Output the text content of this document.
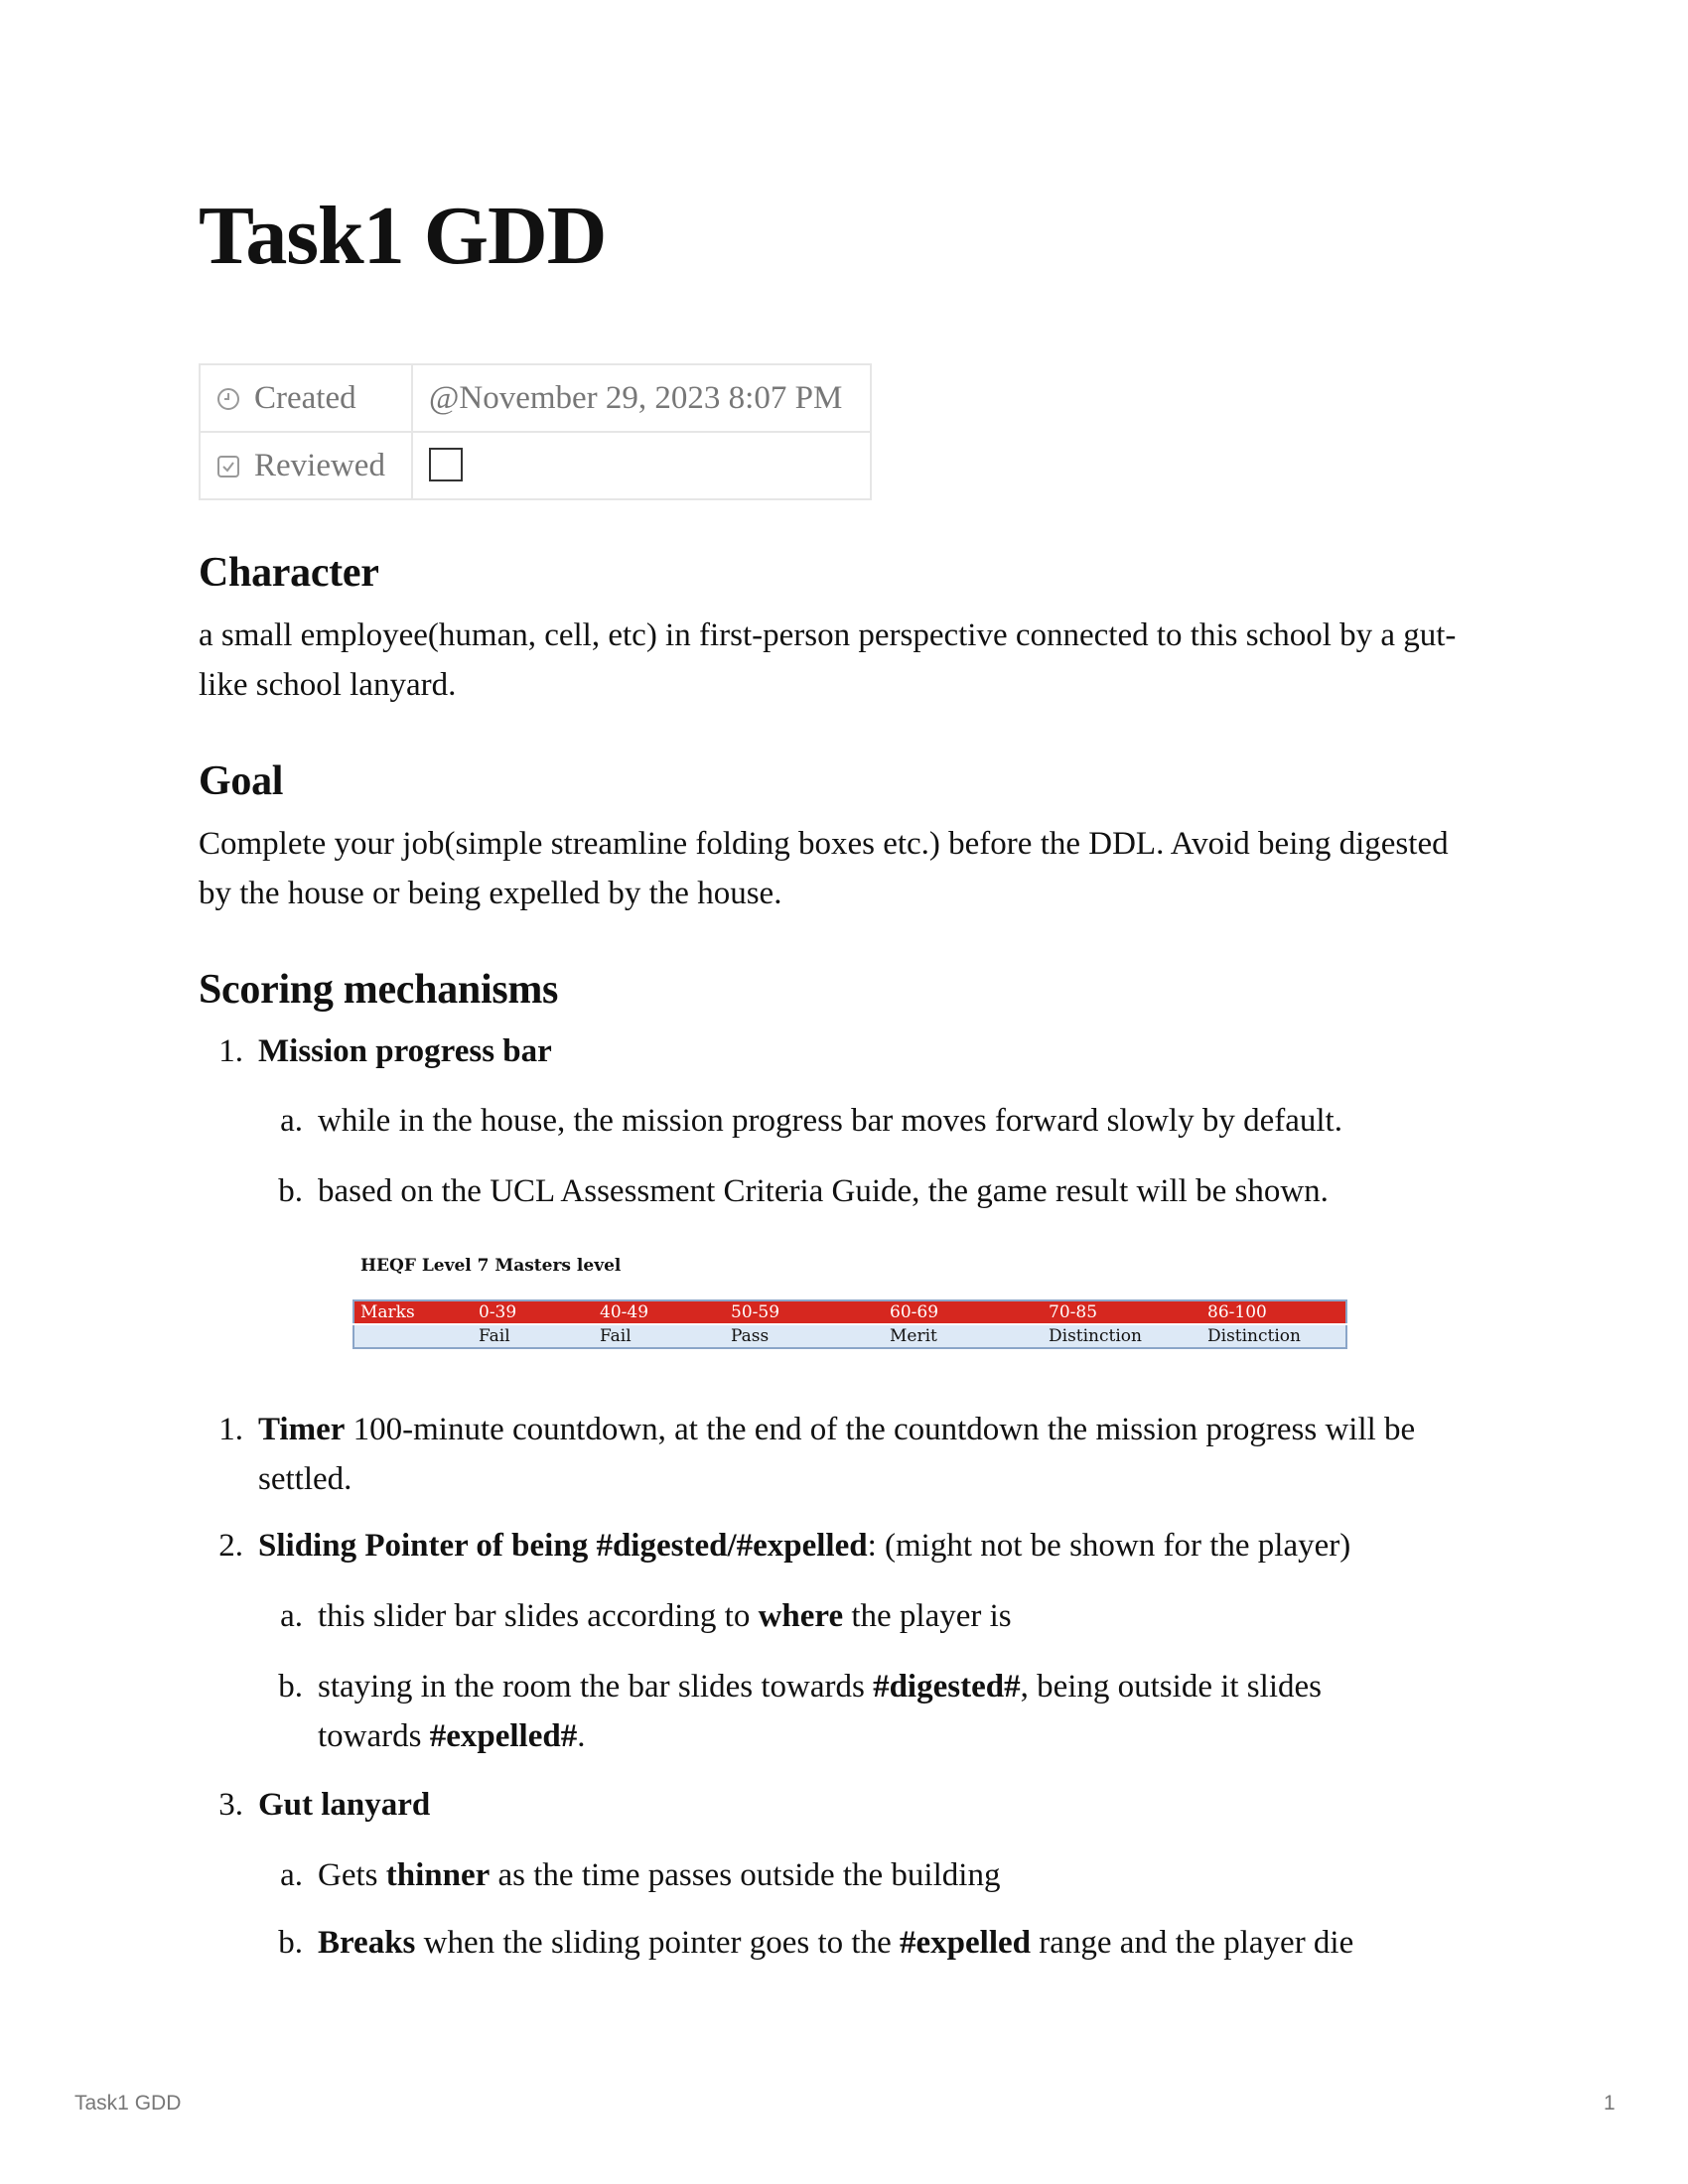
Task1 GDD
Created	@November 29, 2023 8:07 PM
Reviewed	
Character

a small employee(human, cell, etc) in first-person perspective connected to this school by a gut-like school lanyard.

Goal

Complete your job(simple streamline folding boxes etc.) before the DDL. Avoid being digested by the house or being expelled by the house.

Scoring mechanisms
1. Mission progress bar
a. while in the house, the mission progress bar moves forward slowly by default.
b. based on the UCL Assessment Criteria Guide, the game result will be shown.
HEQF Level 7 Masters level
Marks	0-39	40-49	50-59	60-69	70-85	86-100
	Fail	Fail	Pass	Merit	Distinction	Distinction
1. Timer 100-minute countdown, at the end of the countdown the mission progress will be settled.
2. Sliding Pointer of being #digested/#expelled: (might not be shown for the player)
a. this slider bar slides according to where the player is
b. staying in the room the bar slides towards #digested#, being outside it slides towards #expelled#.
3. Gut lanyard
a. Gets thinner as the time passes outside the building
b. Breaks when the sliding pointer goes to the #expelled range and the player die
Task1 GDD	1
